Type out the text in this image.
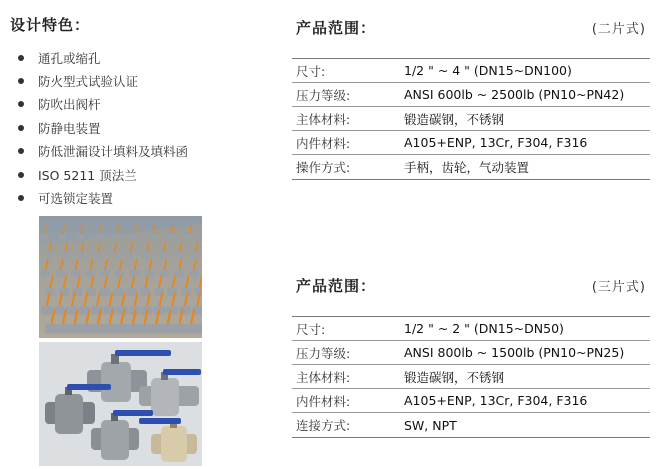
设计特色：
通孔或缩孔
防火型式试验认证
防吹出阀杆
防静电装置
防低泄漏设计填料及填料函
ISO 5211 顶法兰
可选锁定装置
产品范围：	(二片式)
尺寸:	1/2 " ~ 4 " (DN15~DN100)
压力等级:	ANSI 600lb ~ 2500lb (PN10~PN42)
主体材料:	锻造碳钢，不锈钢
内件材料:	A105+ENP, 13Cr, F304, F316
操作方式:	手柄，齿轮，气动装置
产品范围：	(三片式)
尺寸:	1/2 " ~ 2 " (DN15~DN50)
压力等级:	ANSI 800lb ~ 1500lb (PN10~PN25)
主体材料:	锻造碳钢，不锈钢
内件材料:	A105+ENP, 13Cr, F304, F316
连接方式:	SW, NPT
